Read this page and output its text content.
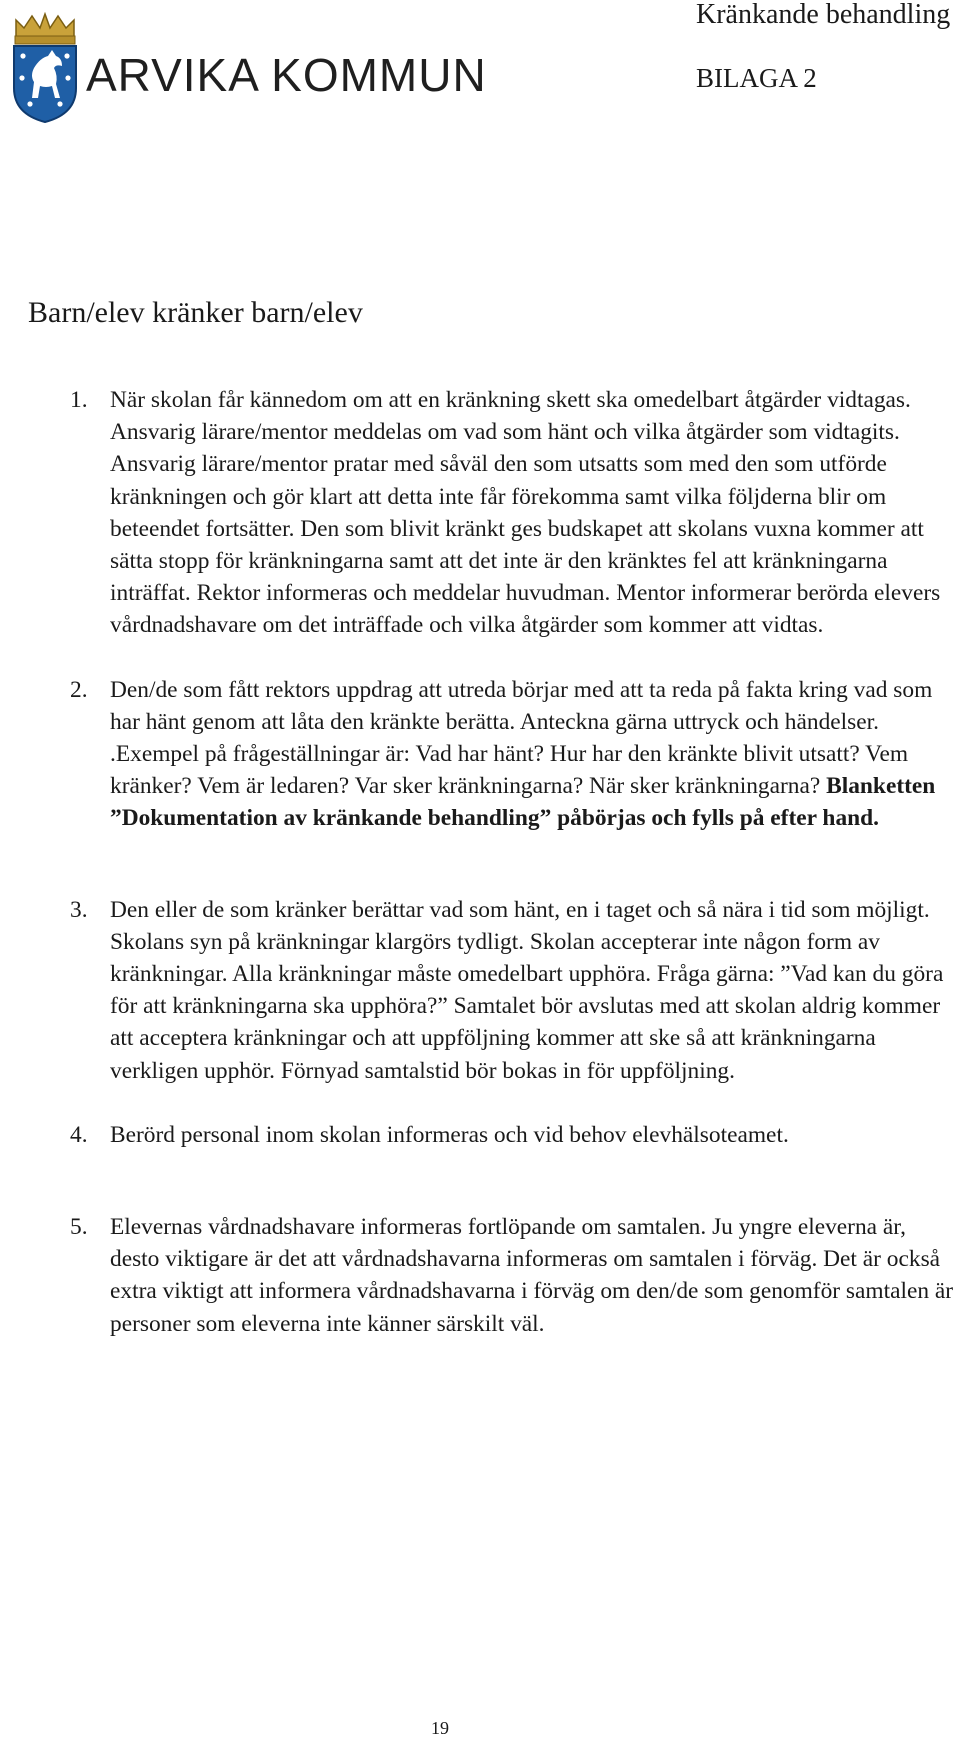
ARVIKA KOMMUN
Kränkande behandling
BILAGA 2
Barn/elev kränker barn/elev
1. När skolan får kännedom om att en kränkning skett ska omedelbart åtgärder vidtagas. Ansvarig lärare/mentor meddelas om vad som hänt och vilka åtgärder som vidtagits. Ansvarig lärare/mentor pratar med såväl den som utsatts som med den som utförde kränkningen och gör klart att detta inte får förekomma samt vilka följderna blir om beteendet fortsätter. Den som blivit kränkt ges budskapet att skolans vuxna kommer att sätta stopp för kränkningarna samt att det inte är den kränktes fel att kränkningarna inträffat. Rektor informeras och meddelar huvudman. Mentor informerar berörda elevers vårdnadshavare om det inträffade och vilka åtgärder som kommer att vidtas.
2. Den/de som fått rektors uppdrag att utreda börjar med att ta reda på fakta kring vad som har hänt genom att låta den kränkte berätta. Anteckna gärna uttryck och händelser. .Exempel på frågeställningar är: Vad har hänt? Hur har den kränkte blivit utsatt? Vem kränker? Vem är ledaren? Var sker kränkningarna? När sker kränkningarna? Blanketten ”Dokumentation av kränkande behandling” påbörjas och fylls på efter hand.
3. Den eller de som kränker berättar vad som hänt, en i taget och så nära i tid som möjligt. Skolans syn på kränkningar klargörs tydligt. Skolan accepterar inte någon form av kränkningar. Alla kränkningar måste omedelbart upphöra. Fråga gärna: ”Vad kan du göra för att kränkningarna ska upphöra?” Samtalet bör avslutas med att skolan aldrig kommer att acceptera kränkningar och att uppföljning kommer att ske så att kränkningarna verkligen upphör. Förnyad samtalstid bör bokas in för uppföljning.
4. Berörd personal inom skolan informeras och vid behov elevhälsoteamet.
5. Elevernas vårdnadshavare informeras fortlöpande om samtalen. Ju yngre eleverna är, desto viktigare är det att vårdnadshavarna informeras om samtalen i förväg. Det är också extra viktigt att informera vårdnadshavarna i förväg om den/de som genomför samtalen är personer som eleverna inte känner särskilt väl.
19
